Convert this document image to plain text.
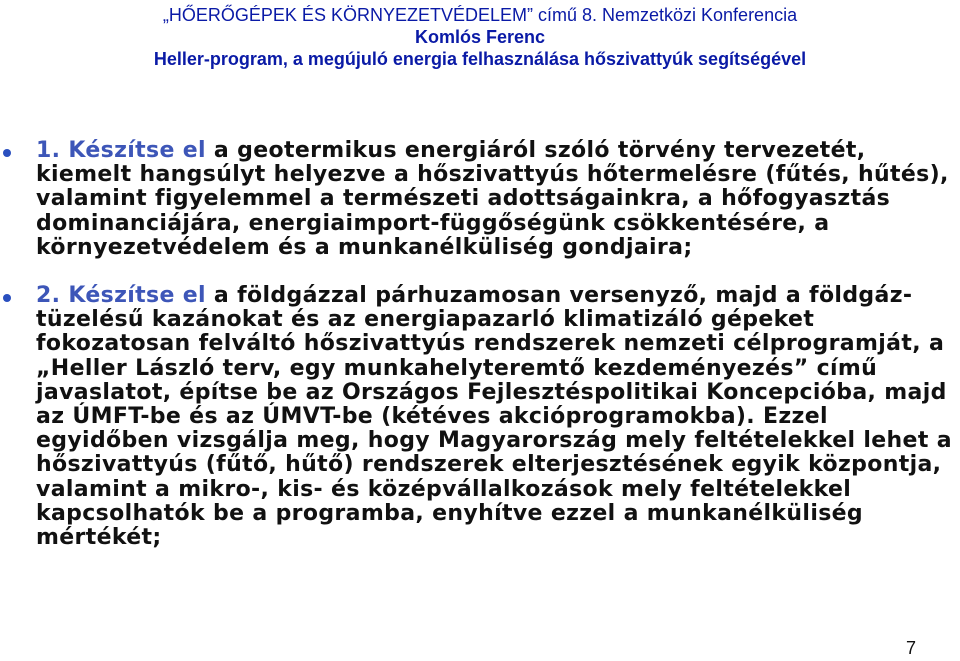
„HŐERŐGÉPEK ÉS KÖRNYEZETVÉDELEM” című 8. Nemzetközi Konferencia
Komlós Ferenc
Heller-program, a megújuló energia felhasználása hőszivattyúk segítségével
1. Készítse el a geotermikus energiáról szóló törvény tervezetét, kiemelt hangsúlyt helyezve a hőszivattyús hőtermelésre (fűtés, hűtés), valamint figyelemmel a természeti adottságainkra, a hőfogyasztás dominanciájára, energiaimport-függőségünk csökkentésére, a környezetvédelem és a munkanélküliség gondjaira;
2. Készítse el a földgázzal párhuzamosan versenyző, majd a földgáz-tüzelésű kazánokat és az energiapazarló klimatizáló gépeket fokozatosan felváltó hőszivattyús rendszerek nemzeti célprogramját, a „Heller László terv, egy munkahelyteremtő kezdeményezés” című javaslatot, építse be az Országos Fejlesztéspolitikai Koncepcióba, majd az ÚMFT-be és az ÚMVT-be (kétéves akcióprogramokba). Ezzel egyidőben vizsgálja meg, hogy Magyarország mely feltételekkel lehet a hőszivattyús (fűtő, hűtő) rendszerek elterjesztésének egyik központja, valamint a mikro-, kis- és középvállalkozások mely feltételekkel kapcsolhatók be a programba, enyhítve ezzel a munkanélküliség mértékét;
7
